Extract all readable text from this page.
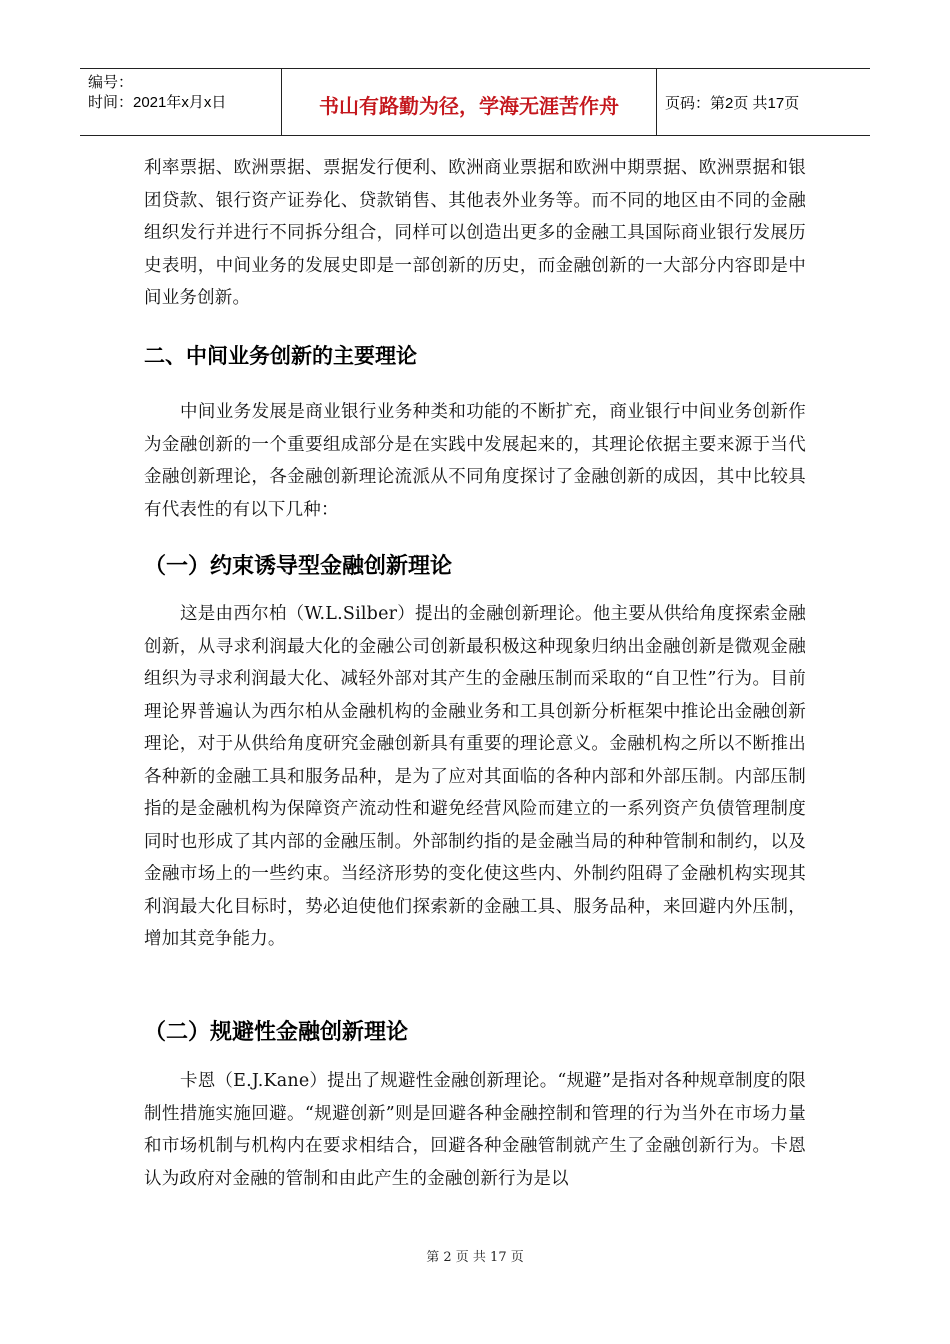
编号：
时间：2021年x月x日	书山有路勤为径，学海无涯苦作舟	页码：第2页 共17页

利率票据、欧洲票据、票据发行便利、欧洲商业票据和欧洲中期票据、欧洲票据和银团贷款、银行资产证券化、贷款销售、其他表外业务等。而不同的地区由不同的金融组织发行并进行不同拆分组合，同样可以创造出更多的金融工具国际商业银行发展历史表明，中间业务的发展史即是一部创新的历史，而金融创新的一大部分内容即是中间业务创新。

二、中间业务创新的主要理论

中间业务发展是商业银行业务种类和功能的不断扩充，商业银行中间业务创新作为金融创新的一个重要组成部分是在实践中发展起来的，其理论依据主要来源于当代金融创新理论，各金融创新理论流派从不同角度探讨了金融创新的成因，其中比较具有代表性的有以下几种：

（一）约束诱导型金融创新理论

这是由西尔柏（W.L.Silber）提出的金融创新理论。他主要从供给角度探索金融创新，从寻求利润最大化的金融公司创新最积极这种现象归纳出金融创新是微观金融组织为寻求利润最大化、减轻外部对其产生的金融压制而采取的“自卫性”行为。目前理论界普遍认为西尔柏从金融机构的金融业务和工具创新分析框架中推论出金融创新理论，对于从供给角度研究金融创新具有重要的理论意义。金融机构之所以不断推出各种新的金融工具和服务品种，是为了应对其面临的各种内部和外部压制。内部压制指的是金融机构为保障资产流动性和避免经营风险而建立的一系列资产负债管理制度同时也形成了其内部的金融压制。外部制约指的是金融当局的种种管制和制约，以及金融市场上的一些约束。当经济形势的变化使这些内、外制约阻碍了金融机构实现其利润最大化目标时，势必迫使他们探索新的金融工具、服务品种，来回避内外压制，增加其竞争能力。

（二）规避性金融创新理论

卡恩（E.J.Kane）提出了规避性金融创新理论。“规避”是指对各种规章制度的限制性措施实施回避。“规避创新”则是回避各种金融控制和管理的行为当外在市场力量和市场机制与机构内在要求相结合，回避各种金融管制就产生了金融创新行为。卡恩认为政府对金融的管制和由此产生的金融创新行为是以

第 2 页 共 17 页
